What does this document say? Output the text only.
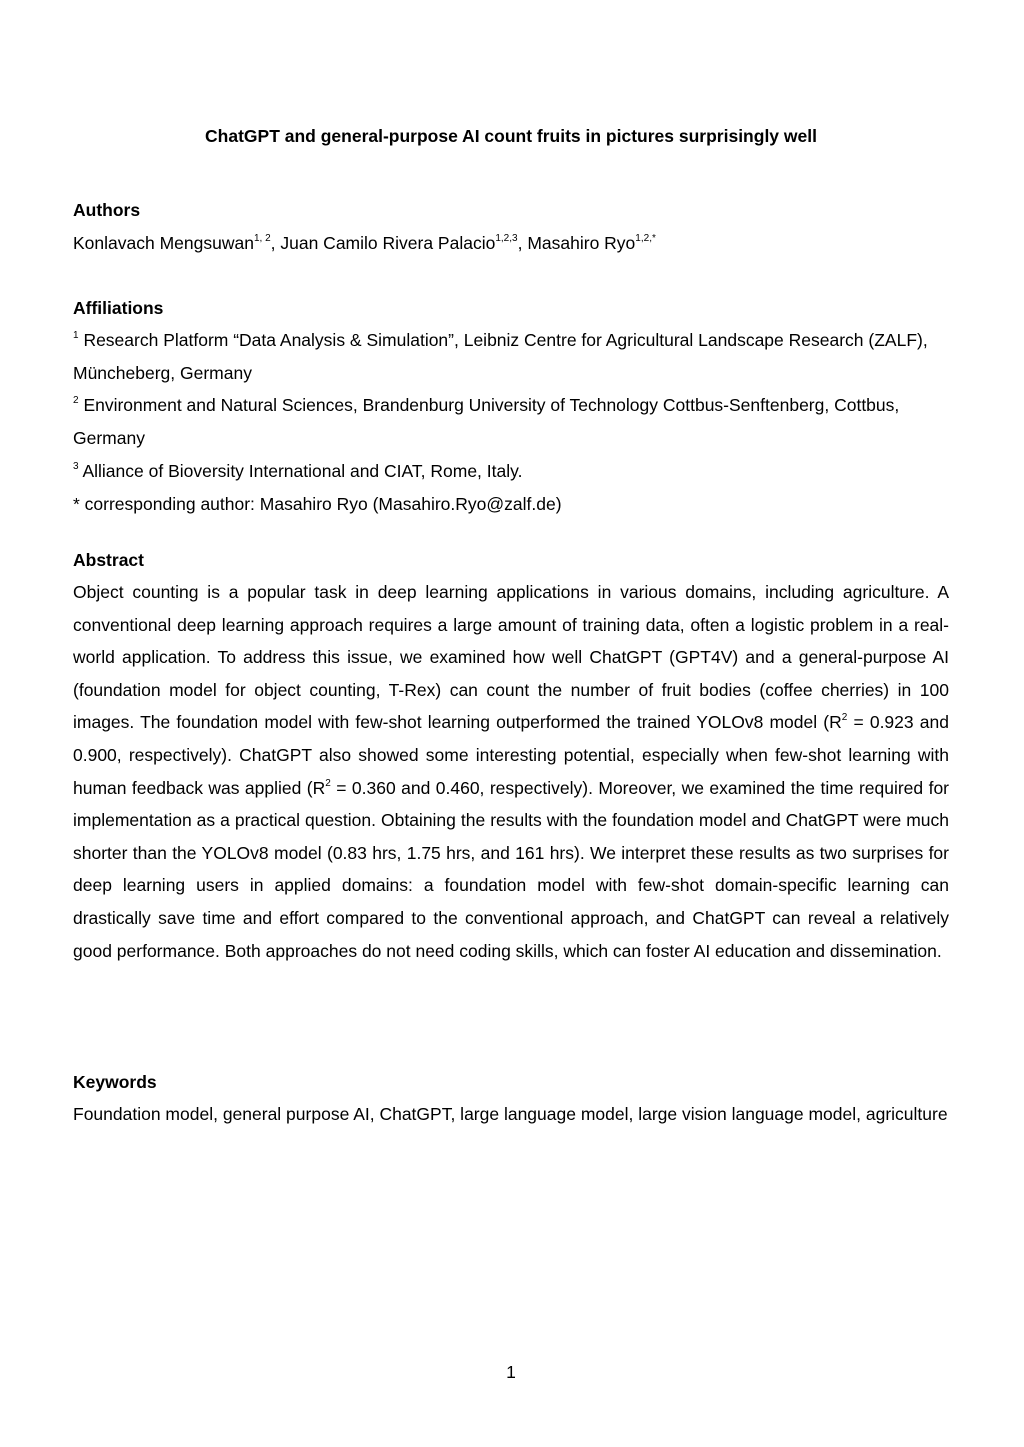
ChatGPT and general-purpose AI count fruits in pictures surprisingly well

Authors

Konlavach Mengsuwan$^{1, 2}$, Juan Camilo Rivera Palacio$^{1,2,3}$, Masahiro Ryo$^{1,2,*}$

Affiliations

$^1$ Research Platform “Data Analysis & Simulation”, Leibniz Centre for Agricultural Landscape Research (ZALF), Müncheberg, Germany

$^2$ Environment and Natural Sciences, Brandenburg University of Technology Cottbus-Senftenberg, Cottbus, Germany

$^3$ Alliance of Bioversity International and CIAT, Rome, Italy.

* corresponding author: Masahiro Ryo (Masahiro.Ryo@zalf.de)

Abstract

Object counting is a popular task in deep learning applications in various domains, including agriculture. A conventional deep learning approach requires a large amount of training data, often a logistic problem in a real-world application. To address this issue, we examined how well ChatGPT (GPT4V) and a general-purpose AI (foundation model for object counting, T-Rex) can count the number of fruit bodies (coffee cherries) in 100 images. The foundation model with few-shot learning outperformed the trained YOLOv8 model ($R^2 = 0.923$ and 0.900, respectively). ChatGPT also showed some interesting potential, especially when few-shot learning with human feedback was applied ($R^2 = 0.360$ and 0.460, respectively). Moreover, we examined the time required for implementation as a practical question. Obtaining the results with the foundation model and ChatGPT were much shorter than the YOLOv8 model (0.83 hrs, 1.75 hrs, and 161 hrs). We interpret these results as two surprises for deep learning users in applied domains: a foundation model with few-shot domain-specific learning can drastically save time and effort compared to the conventional approach, and ChatGPT can reveal a relatively good performance. Both approaches do not need coding skills, which can foster AI education and dissemination.

Keywords

Foundation model, general purpose AI, ChatGPT, large language model, large vision language model, agriculture

1
